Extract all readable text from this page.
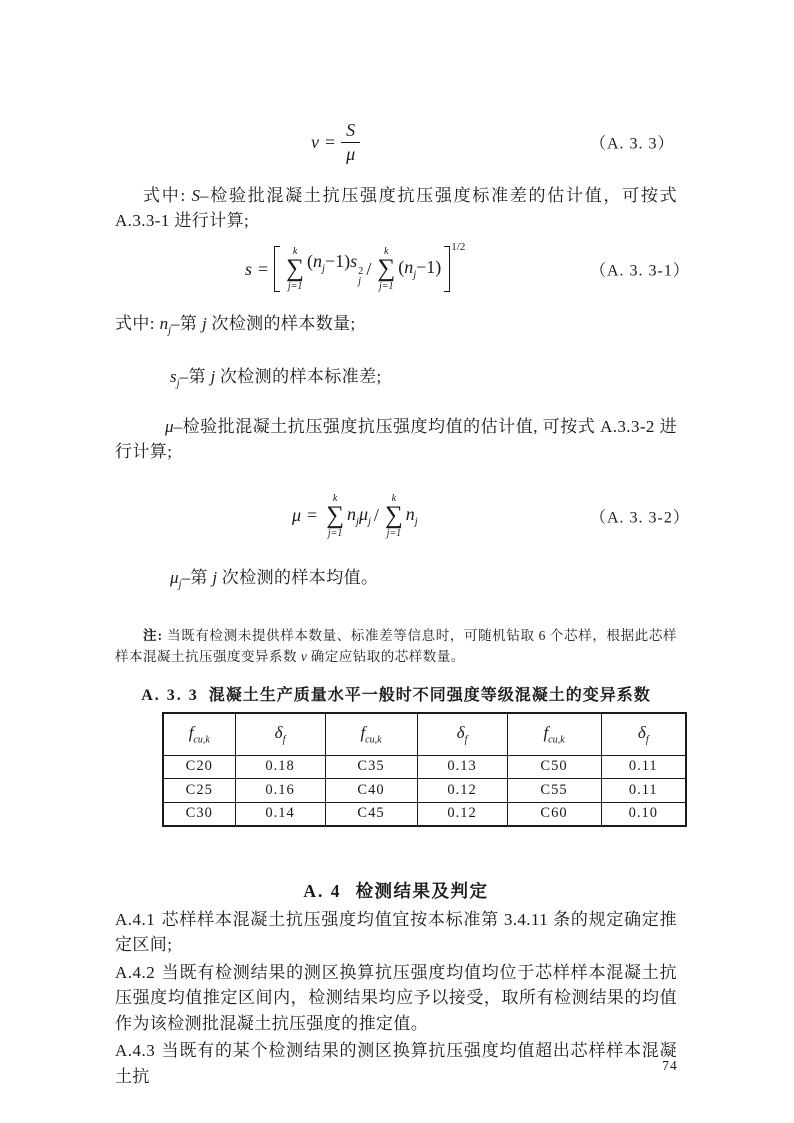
$v = \frac{S}{\mu}$	（A. 3. 3）

式中: S–检验批混凝土抗压强度抗压强度标准差的估计值，可按式 A.3.3-1 进行计算;

s =
k
∑
j=1
$(n_j-1)s$
2
j
/
k
∑
j=1
$(n_j-1)$
1/2
（A. 3. 3-1）

式中: $n_j-$第 j 次检测的样本数量;

$s_j-$第 j 次检测的样本标准差;

μ–检验批混凝土抗压强度抗压强度均值的估计值, 可按式 A.3.3-2 进行计算;

μ =
k
∑
j=1
$n_j\mu_j$ /
k
∑
j=1
$n_j$	（A. 3. 3-2）

$\mu_j-$第 j 次检测的样本均值。

注: 当既有检测未提供样本数量、标准差等信息时，可随机钻取 6 个芯样，根据此芯样样本混凝土抗压强度变异系数 v 确定应钻取的芯样数量。

A. 3. 3 混凝土生产质量水平一般时不同强度等级混凝土的变异系数
$f_{cu,k}$	$\delta_f$	$f_{cu,k}$	$\delta_f$	$f_{cu,k}$	$\delta_f$
C20	0.18	C35	0.13	C50	0.11
C25	0.16	C40	0.12	C55	0.11
C30	0.14	C45	0.12	C60	0.10
A. 4 检测结果及判定

A.4.1 芯样样本混凝土抗压强度均值宜按本标准第 3.4.11 条的规定确定推定区间;

A.4.2 当既有检测结果的测区换算抗压强度均值均位于芯样样本混凝土抗压强度均值推定区间内，检测结果均应予以接受，取所有检测结果的均值作为该检测批混凝土抗压强度的推定值。

A.4.3 当既有的某个检测结果的测区换算抗压强度均值超出芯样样本混凝土抗

74
